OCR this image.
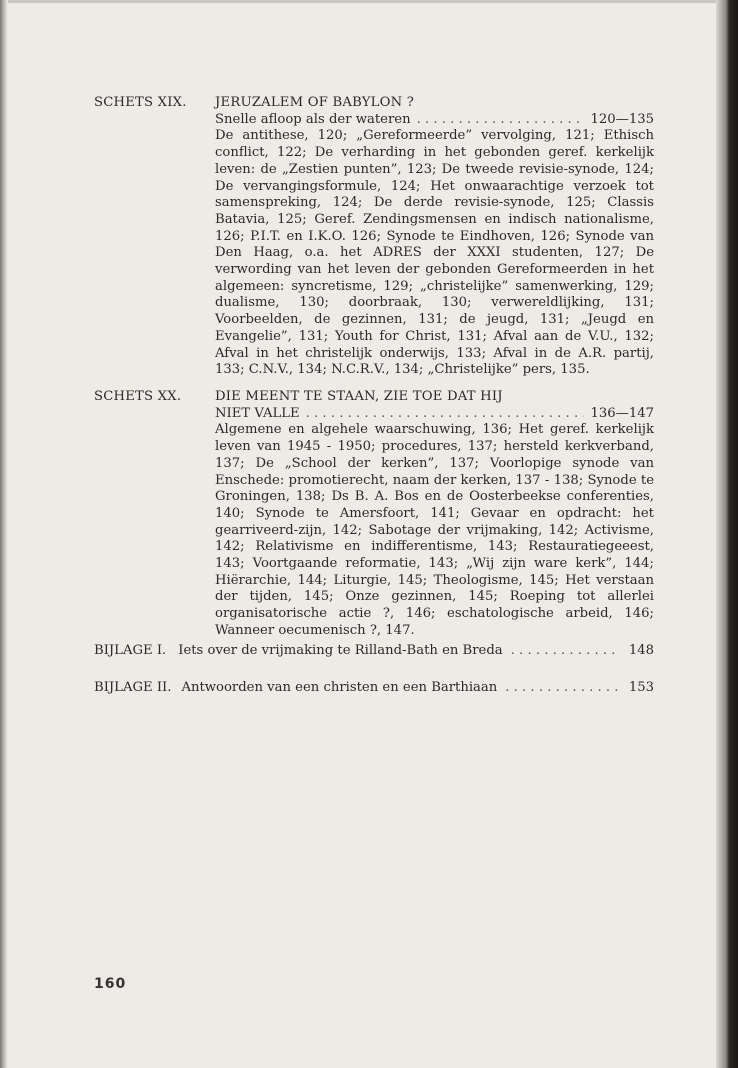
SCHETS XIX. JERUZALEM OF BABYLON ?
Snelle afloop als der wateren . . .	120—135
De antithese, 120; „Gereformeerde” vervolging, 121; Ethisch conflict, 122; De verharding in het gebonden geref. kerkelijk leven: de „Zestien punten”, 123; De tweede revisie-synode, 124; De vervangingsformule, 124; Het onwaarachtige verzoek tot samenspreking, 124; De derde revisie-synode, 125; Classis Batavia, 125; Geref. Zendingsmensen en indisch nationalisme, 126; P.I.T. en I.K.O. 126; Synode te Eindhoven, 126; Synode van Den Haag, o.a. het ADRES der XXXI studenten, 127; De verwording van het leven der gebonden Gereformeerden in het algemeen: syncretisme, 129; „christelijke” samenwerking, 129; dualisme, 130; doorbraak, 130; verwereldlijking, 131; Voorbeelden, de gezinnen, 131; de jeugd, 131; „Jeugd en Evangelie”, 131; Youth for Christ, 131; Afval aan de V.U., 132; Afval in het christelijk onderwijs, 133; Afval in de A.R. partij, 133; C.N.V., 134; N.C.R.V., 134; „Christelijke” pers, 135.
SCHETS XX.	DIE MEENT TE STAAN, ZIE TOE DAT HIJ
NIET VALLE . . .	136—147
Algemene en algehele waarschuwing, 136; Het geref. kerkelijk leven van 1945 - 1950; procedures, 137; hersteld kerkverband, 137; De „School der kerken”, 137; Voorlopige synode van Enschede: promotierecht, naam der kerken, 137 - 138; Synode te Groningen, 138; Ds B. A. Bos en de Oosterbeekse conferenties, 140; Synode te Amersfoort, 141; Gevaar en opdracht: het gearriveerd-zijn, 142; Sabotage der vrijmaking, 142; Activisme, 142; Relativisme en indifferentisme, 143; Restauratiegeeest, 143; Voortgaande reformatie, 143; „Wij zijn ware kerk”, 144; Hiërarchie, 144; Liturgie, 145; Theologisme, 145; Het verstaan der tijden, 145; Onze gezinnen, 145; Roeping tot allerlei organisatorische actie ?, 146; eschatologische arbeid, 146; Wanneer oecumenisch ?, 147.
BIJLAGE I. Iets over de vrijmaking te Rilland-Bath en Breda . . .	148
BIJLAGE II. Antwoorden van een christen en een Barthiaan . . .	153
160
